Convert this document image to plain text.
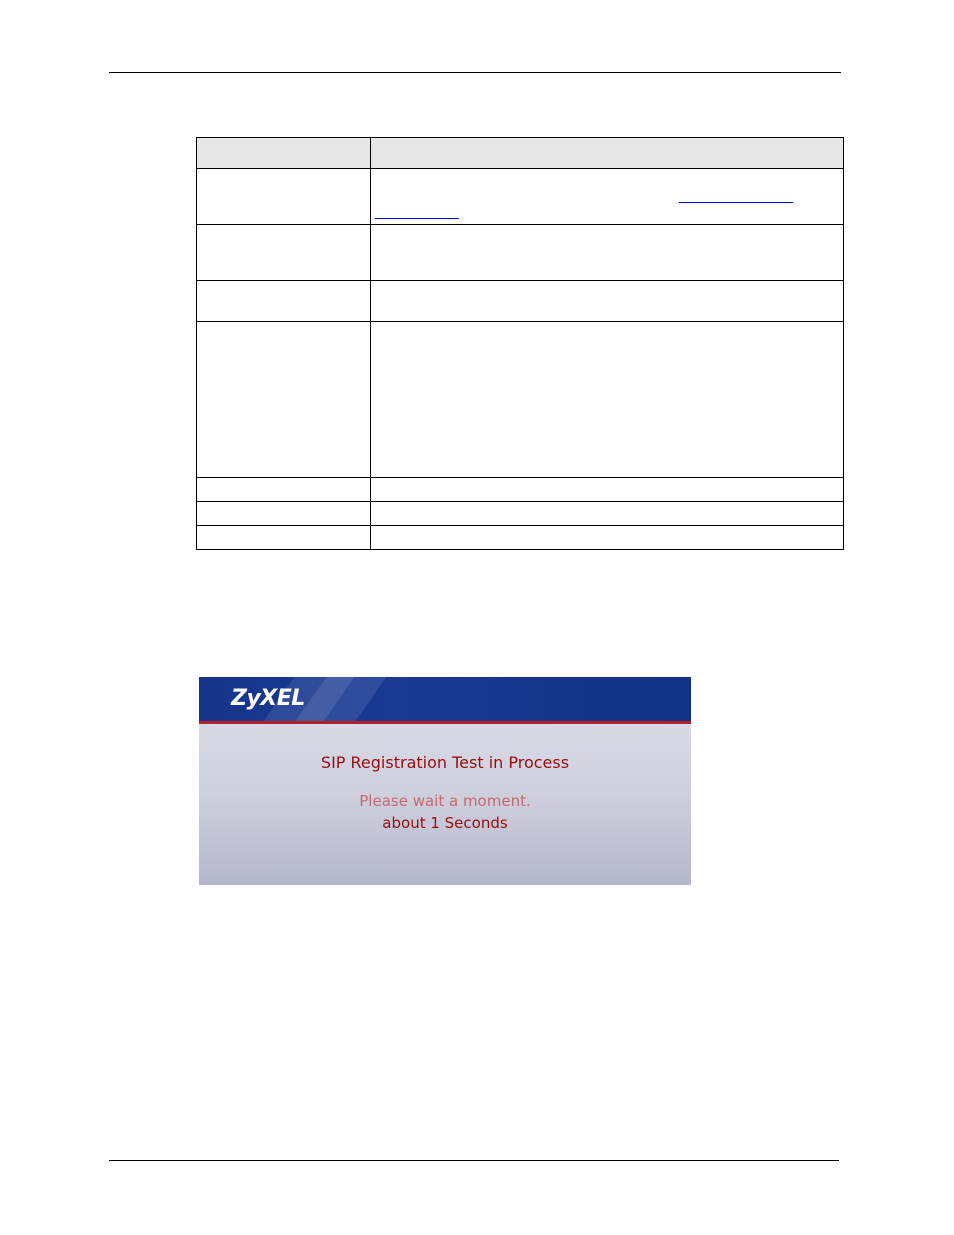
ZyXEL
SIP Registration Test in Process
Please wait a moment.
about 1 Seconds
